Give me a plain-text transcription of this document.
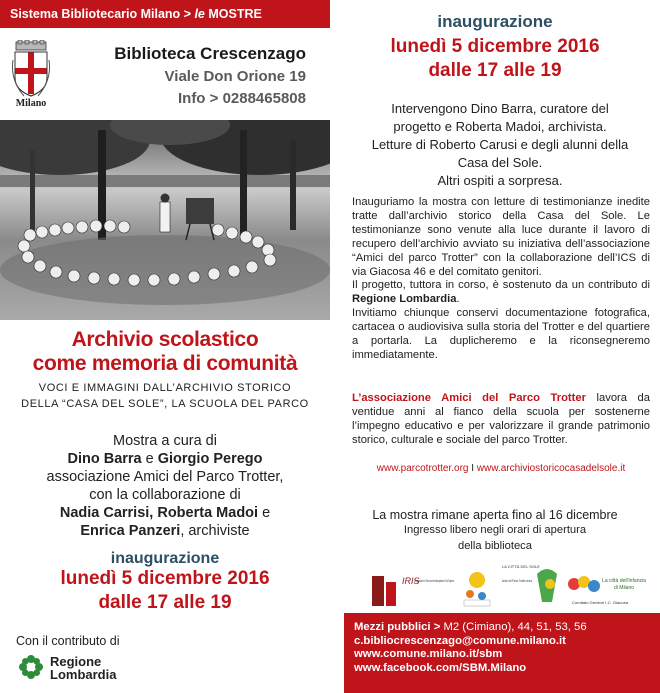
Sistema Bibliotecario Milano > le MOSTRE
Milano
Biblioteca Crescenzago
Viale Don Orione 19
Info > 0288465808
Archivio scolastico
come memoria di comunità
VOCI E IMMAGINI DALL’ARCHIVIO STORICO
DELLA “CASA DEL SOLE”, LA SCUOLA DEL PARCO
Mostra a cura di
Dino Barra e Giorgio Perego
associazione Amici del Parco Trotter,
con la collaborazione di
Nadia Carrisi, Roberta Madoi e
Enrica Panzeri, archiviste
inaugurazione
lunedì 5 dicembre 2016
dalle 17 alle 19
Con il contributo di
Regione
Lombardia
inaugurazione
lunedì 5 dicembre 2016
dalle 17 alle 19
Intervengono Dino Barra, curatore del
progetto e Roberta Madoi, archivista.
Letture di Roberto Carusi e degli alunni della
Casa del Sole.
Altri ospiti a sorpresa.
Inauguriamo la mostra con letture di testimonianze inedite tratte dall’archivio storico della Casa del Sole. Le testimonianze sono venute alla luce durante il lavoro di recupero dell’archivio avviato su iniziativa dell’associazione “Amici del parco Trotter” con la collaborazione dell’ICS di via Giacosa 46 e del comitato genitori.
Il progetto, tuttora in corso, è sostenuto da un contributo di Regione Lombardia.
Invitiamo chiunque conservi documentazione fotografica, cartacea o audiovisiva sulla storia del Trotter e del quartiere a portarla. La duplicheremo e la riconsegneremo immediatamente.
L’associazione Amici del Parco Trotter lavora da ventidue anni al fianco della scuola per sostenerne l’impegno educativo e per valorizzare il grande patrimonio storico, culturale e sociale del parco Trotter.
www.parcotrotter.org I www.archiviostoricocasadelsole.it
La mostra rimane aperta fino al 16 dicembre
Ingresso libero negli orari di apertura
della biblioteca
IRIS
Integrazione e Ricerca Interdisciplinare Sul Sapere
LA CITTÀ DEL SOLE
Amici del Parco Trotter onlus	La città dell'infanzia
di Milano
Comitato Genitori I.C. Giacosa
Mezzi pubblici > M2 (Cimiano), 44, 51, 53, 56
c.bibliocrescenzago@comune.milano.it
www.comune.milano.it/sbm
www.facebook.com/SBM.Milano
